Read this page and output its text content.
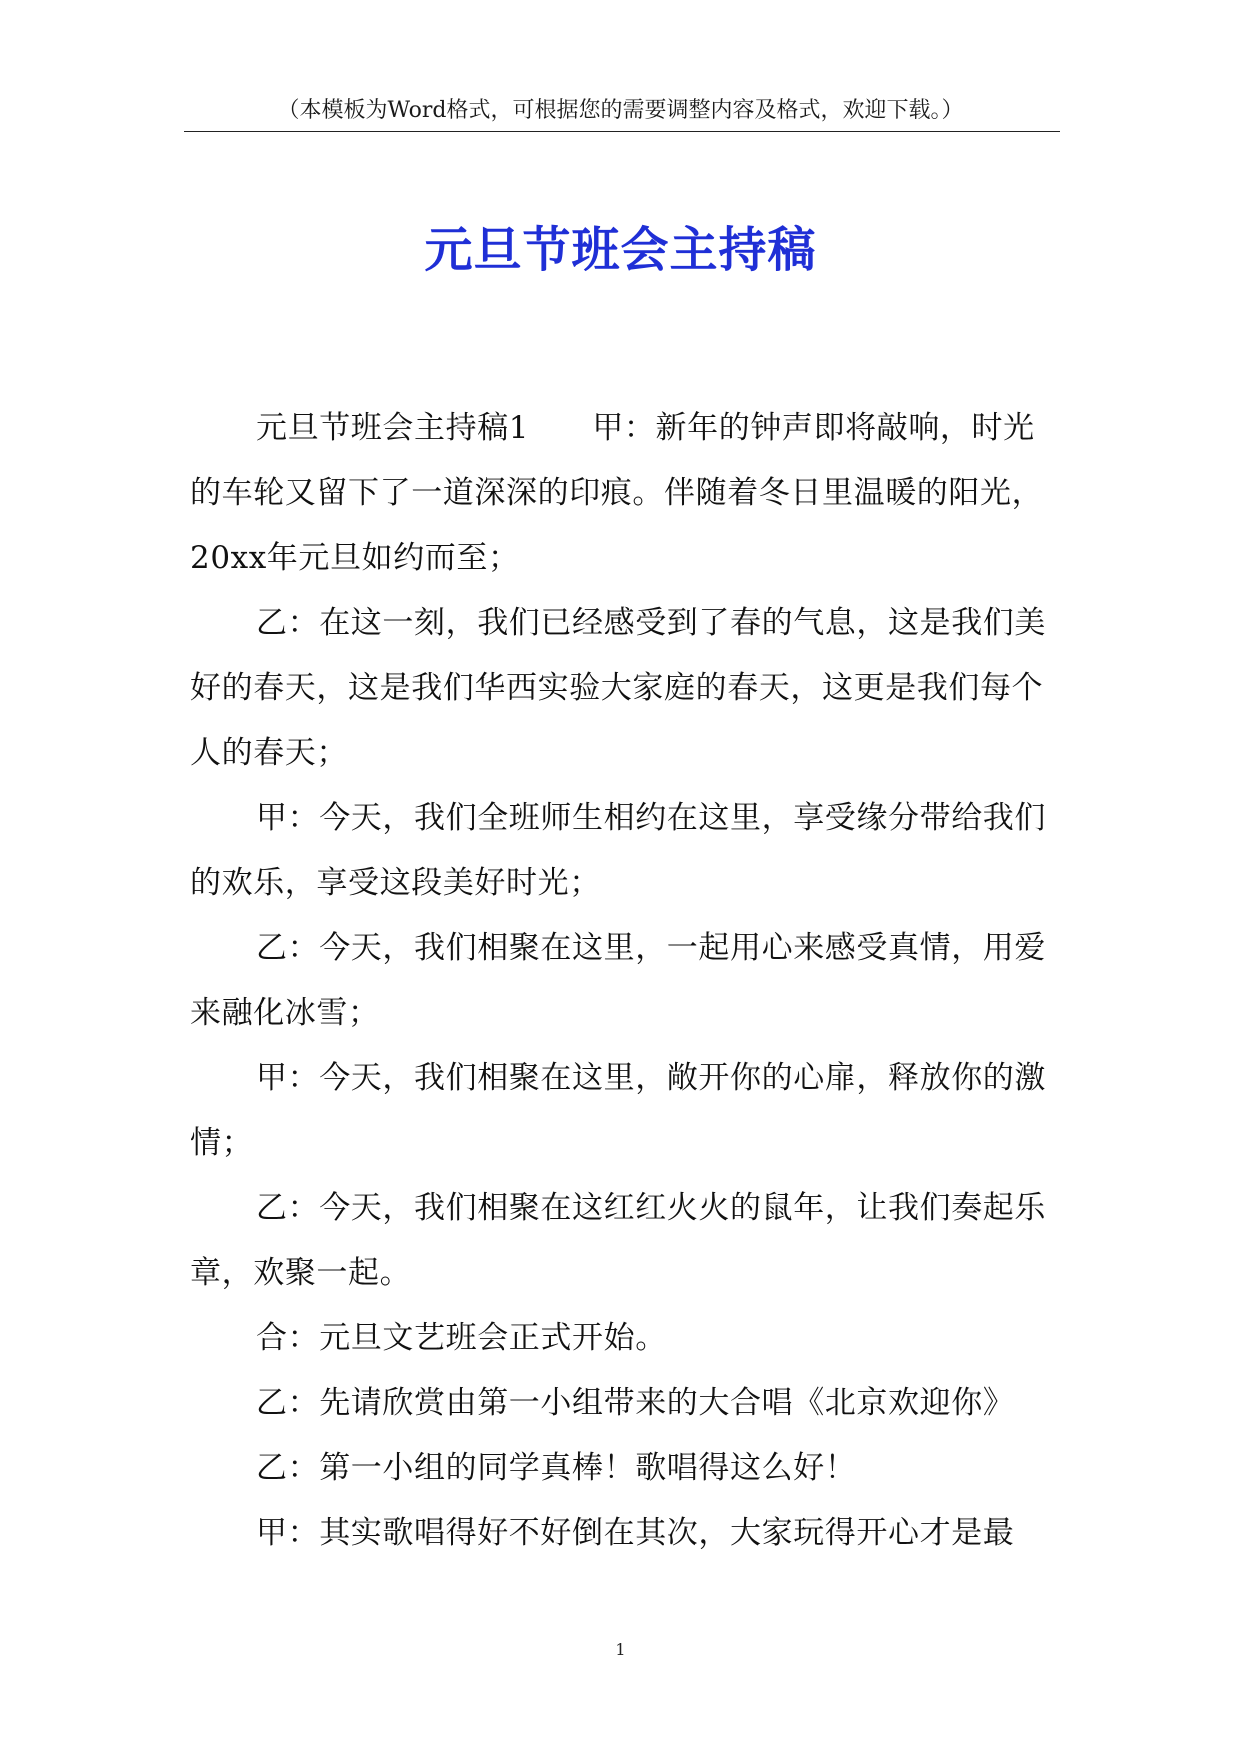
（本模板为Word格式，可根据您的需要调整内容及格式，欢迎下载。）
元旦节班会主持稿

元旦节班会主持稿1　　甲：新年的钟声即将敲响，时光的车轮又留下了一道深深的印痕。伴随着冬日里温暖的阳光，20xx年元旦如约而至；

乙：在这一刻，我们已经感受到了春的气息，这是我们美好的春天，这是我们华西实验大家庭的春天，这更是我们每个人的春天；

甲：今天，我们全班师生相约在这里，享受缘分带给我们的欢乐，享受这段美好时光；

乙：今天，我们相聚在这里，一起用心来感受真情，用爱来融化冰雪；

甲：今天，我们相聚在这里，敞开你的心扉，释放你的激情；

乙：今天，我们相聚在这红红火火的鼠年，让我们奏起乐章，欢聚一起。

合：元旦文艺班会正式开始。

乙：先请欣赏由第一小组带来的大合唱《北京欢迎你》

乙：第一小组的同学真棒！歌唱得这么好！

甲：其实歌唱得好不好倒在其次，大家玩得开心才是最

1
